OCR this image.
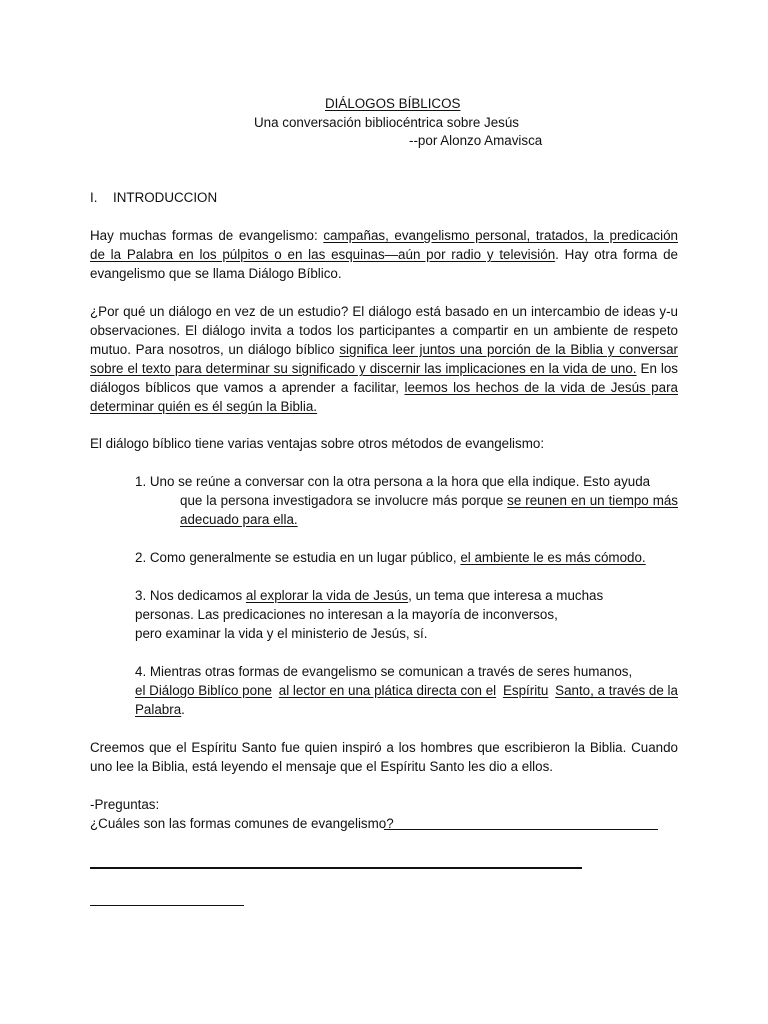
DIÁLOGOS BÍBLICOS
Una conversación bibliocéntrica sobre Jesús
--por Alonzo Amavisca
I. INTRODUCCION
Hay muchas formas de evangelismo: campañas, evangelismo personal, tratados, la predicación de la Palabra en los púlpitos o en las esquinas—aún por radio y televisión. Hay otra forma de evangelismo que se llama Diálogo Bíblico.
¿Por qué un diálogo en vez de un estudio? El diálogo está basado en un intercambio de ideas y-u observaciones. El diálogo invita a todos los participantes a compartir en un ambiente de respeto mutuo. Para nosotros, un diálogo bíblico significa leer juntos una porción de la Biblia y conversar sobre el texto para determinar su significado y discernir las implicaciones en la vida de uno. En los diálogos bíblicos que vamos a aprender a facilitar, leemos los hechos de la vida de Jesús para determinar quién es él según la Biblia.
El diálogo bíblico tiene varias ventajas sobre otros métodos de evangelismo:
1. Uno se reúne a conversar con la otra persona a la hora que ella indique. Esto ayuda
que la persona investigadora se involucre más porque se reunen en un tiempo más adecuado para ella.
2. Como generalmente se estudia en un lugar público, el ambiente le es más cómodo.
3. Nos dedicamos al explorar la vida de Jesús, un tema que interesa a muchas
personas. Las predicaciones no interesan a la mayoría de inconversos,
pero examinar la vida y el ministerio de Jesús, sí.
4. Mientras otras formas de evangelismo se comunican a través de seres humanos,
el Diálogo Biblíco pone al lector en una plática directa con el Espíritu Santo, a través de la
Palabra.
Creemos que el Espíritu Santo fue quien inspiró a los hombres que escribieron la Biblia. Cuando uno lee la Biblia, está leyendo el mensaje que el Espíritu Santo les dio a ellos.
-Preguntas:
¿Cuáles son las formas comunes de evangelismo?
